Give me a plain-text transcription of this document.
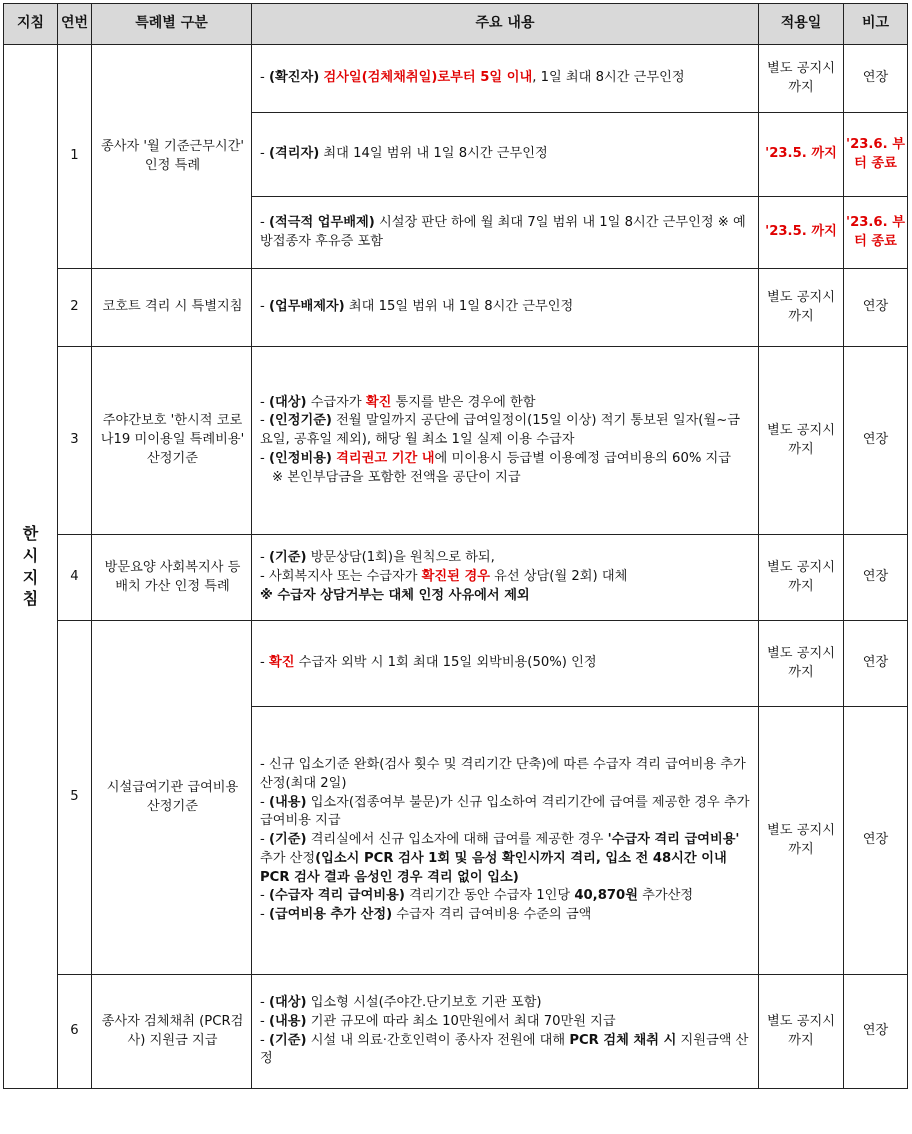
지침	연번	특례별 구분	주요 내용	적용일	비고

한
시
지
침	1	종사자 '월 기준근무시간' 인정 특례	- (확진자) 검사일(검체채취일)로부터 5일 이내, 1일 최대 8시간 근무인정	별도 공지시 까지	연장
			- (격리자) 최대 14일 범위 내 1일 8시간 근무인정	'23.5. 까지	'23.6. 부터 종료
			- (적극적 업무배제) 시설장 판단 하에 월 최대 7일 범위 내 1일 8시간 근무인정 ※ 예방접종자 후유증 포함	'23.5. 까지	'23.6. 부터 종료
	2	코호트 격리 시 특별지침	- (업무배제자) 최대 15일 범위 내 1일 8시간 근무인정	별도 공지시 까지	연장
	3	주야간보호 '한시적 코로나19 미이용일 특례비용' 산정기준	- (대상) 수급자가 확진 통지를 받은 경우에 한함
- (인정기준) 전월 말일까지 공단에 급여일정이(15일 이상) 적기 통보된 일자(월~금요일, 공휴일 제외), 해당 월 최소 1일 실제 이용 수급자
- (인정비용) 격리권고 기간 내에 미이용시 등급별 이용예정 급여비용의 60% 지급
※ 본인부담금을 포함한 전액을 공단이 지급	별도 공지시 까지	연장
	4	방문요양 사회복지사 등 배치 가산 인정 특례	- (기준) 방문상담(1회)을 원칙으로 하되,
- 사회복지사 또는 수급자가 확진된 경우 유선 상담(월 2회) 대체
※ 수급자 상담거부는 대체 인정 사유에서 제외	별도 공지시 까지	연장
	5	시설급여기관 급여비용 산정기준	- 확진 수급자 외박 시 1회 최대 15일 외박비용(50%) 인정	별도 공지시 까지	연장

			- 신규 입소기준 완화(검사 횟수 및 격리기간 단축)에 따른 수급자 격리 급여비용 추가산정(최대 2일)
- (내용) 입소자(접종여부 불문)가 신규 입소하여 격리기간에 급여를 제공한 경우 추가 급여비용 지급
- (기준) 격리실에서 신규 입소자에 대해 급여를 제공한 경우 '수급자 격리 급여비용' 추가 산정(입소시 PCR 검사 1회 및 음성 확인시까지 격리, 입소 전 48시간 이내 PCR 검사 결과 음성인 경우 격리 없이 입소)
- (수급자 격리 급여비용) 격리기간 동안 수급자 1인당 40,870원 추가산정
- (급여비용 추가 산정) 수급자 격리 급여비용 수준의 금액	별도 공지시 까지	연장
	6	종사자 검체채취 (PCR검사) 지원금 지급	- (대상) 입소형 시설(주야간.단기보호 기관 포함)
- (내용) 기관 규모에 따라 최소 10만원에서 최대 70만원 지급
- (기준) 시설 내 의료·간호인력이 종사자 전원에 대해 PCR 검체 채취 시 지원금액 산정	별도 공지시 까지	연장
